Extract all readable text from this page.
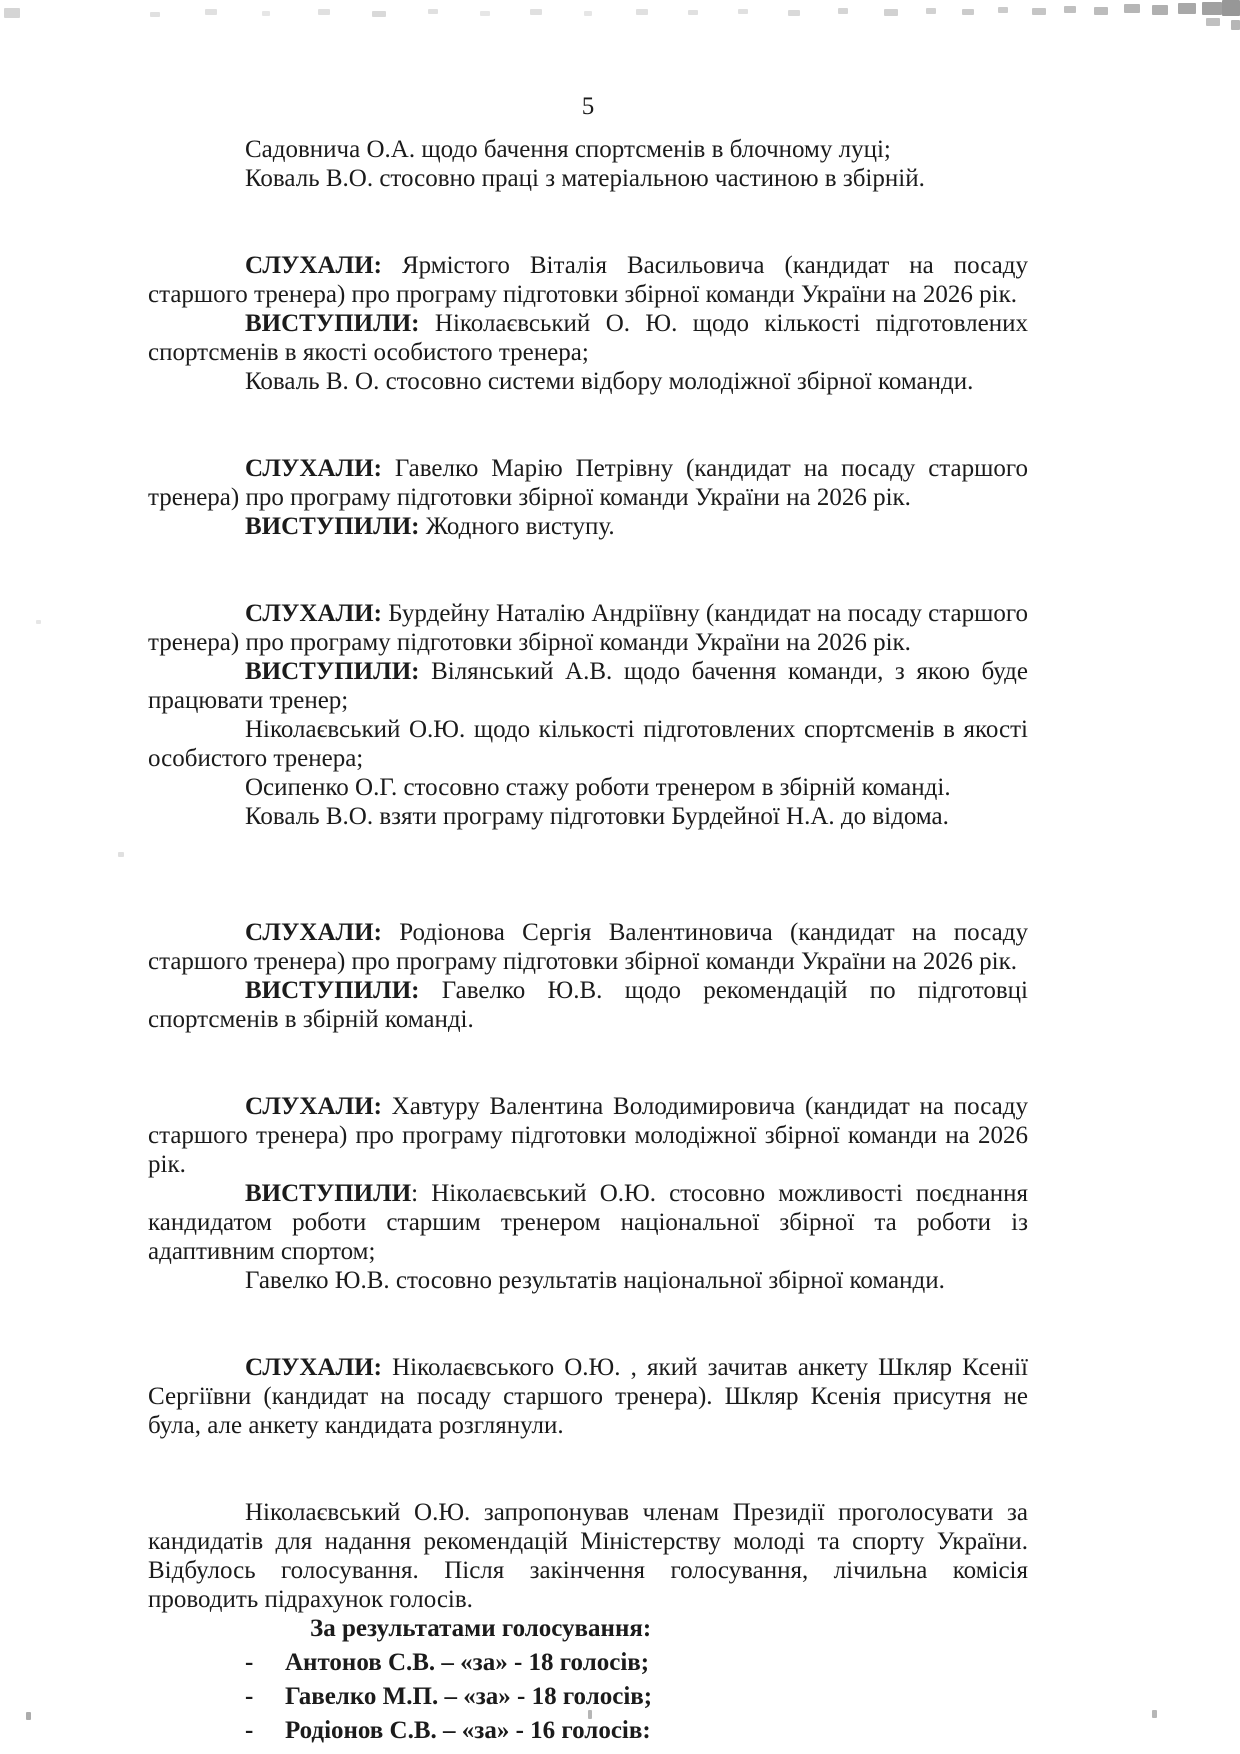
5

Садовнича О.А. щодо бачення спортсменів в блочному луці;

Коваль В.О. стосовно праці з матеріальною частиною в збірній.

СЛУХАЛИ: Ярмістого Віталія Васильовича (кандидат на посаду старшого тренера) про програму підготовки збірної команди України на 2026 рік.

ВИСТУПИЛИ: Ніколаєвський О. Ю. щодо кількості підготовлених спортсменів в якості особистого тренера;

Коваль В. О. стосовно системи відбору молодіжної збірної команди.

СЛУХАЛИ: Гавелко Марію Петрівну (кандидат на посаду старшого тренера) про програму підготовки збірної команди України на 2026 рік.

ВИСТУПИЛИ: Жодного виступу.

СЛУХАЛИ: Бурдейну Наталію Андріївну (кандидат на посаду старшого тренера) про програму підготовки збірної команди України на 2026 рік.

ВИСТУПИЛИ: Вілянський А.В. щодо бачення команди, з якою буде працювати тренер;

Ніколаєвський О.Ю. щодо кількості підготовлених спортсменів в якості особистого тренера;

Осипенко О.Г. стосовно стажу роботи тренером в збірній команді.

Коваль В.О. взяти програму підготовки Бурдейної Н.А. до відома.

СЛУХАЛИ: Родіонова Сергія Валентиновича (кандидат на посаду старшого тренера) про програму підготовки збірної команди України на 2026 рік.

ВИСТУПИЛИ: Гавелко Ю.В. щодо рекомендацій по підготовці спортсменів в збірній команді.

СЛУХАЛИ: Хавтуру Валентина Володимировича (кандидат на посаду старшого тренера) про програму підготовки молодіжної збірної команди на 2026 рік.

ВИСТУПИЛИ: Ніколаєвський О.Ю. стосовно можливості поєднання кандидатом роботи старшим тренером національної збірної та роботи із адаптивним спортом;

Гавелко Ю.В. стосовно результатів національної збірної команди.

СЛУХАЛИ: Ніколаєвського О.Ю. , який зачитав анкету Шкляр Ксенії Сергіївни (кандидат на посаду старшого тренера). Шкляр Ксенія присутня не була, але анкету кандидата розглянули.

Ніколаєвський О.Ю. запропонував членам Президії проголосувати за кандидатів для надання рекомендацій Міністерству молоді та спорту України. Відбулось голосування. Після закінчення голосування, лічильна комісія проводить підрахунок голосів.

За результатами голосування:

-	Антонов С.В. – «за» - 18 голосів;
-	Гавелко М.П. – «за» - 18 голосів;
-	Родіонов С.В. – «за» - 16 голосів:
